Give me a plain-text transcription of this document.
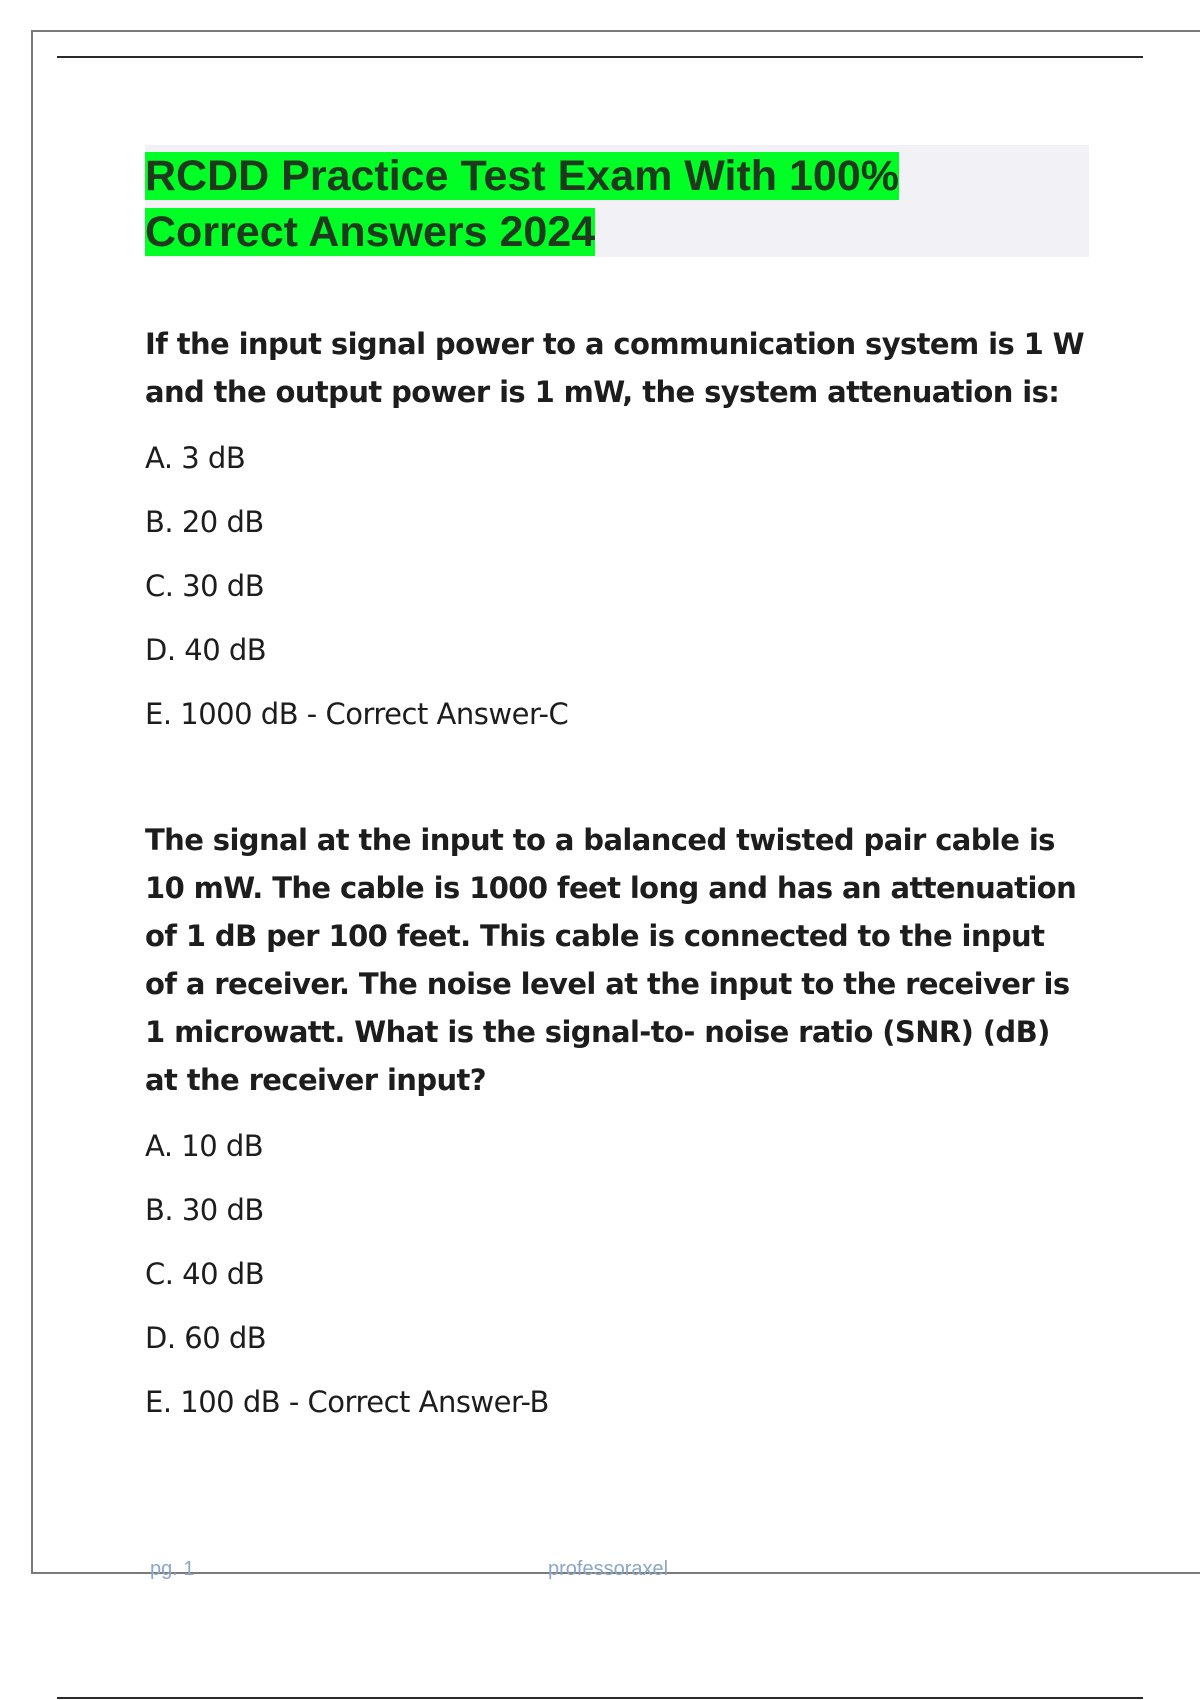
RCDD Practice Test Exam With 100% Correct Answers 2024

If the input signal power to a communication system is 1 W and the output power is 1 mW, the system attenuation is:

A. 3 dB

B. 20 dB

C. 30 dB

D. 40 dB

E. 1000 dB - Correct Answer-C

The signal at the input to a balanced twisted pair cable is 10 mW. The cable is 1000 feet long and has an attenuation of 1 dB per 100 feet. This cable is connected to the input of a receiver. The noise level at the input to the receiver is 1 microwatt. What is the signal-to- noise ratio (SNR) (dB) at the receiver input?

A. 10 dB

B. 30 dB

C. 40 dB

D. 60 dB

E. 100 dB - Correct Answer-B

pg. 1	professoraxel
